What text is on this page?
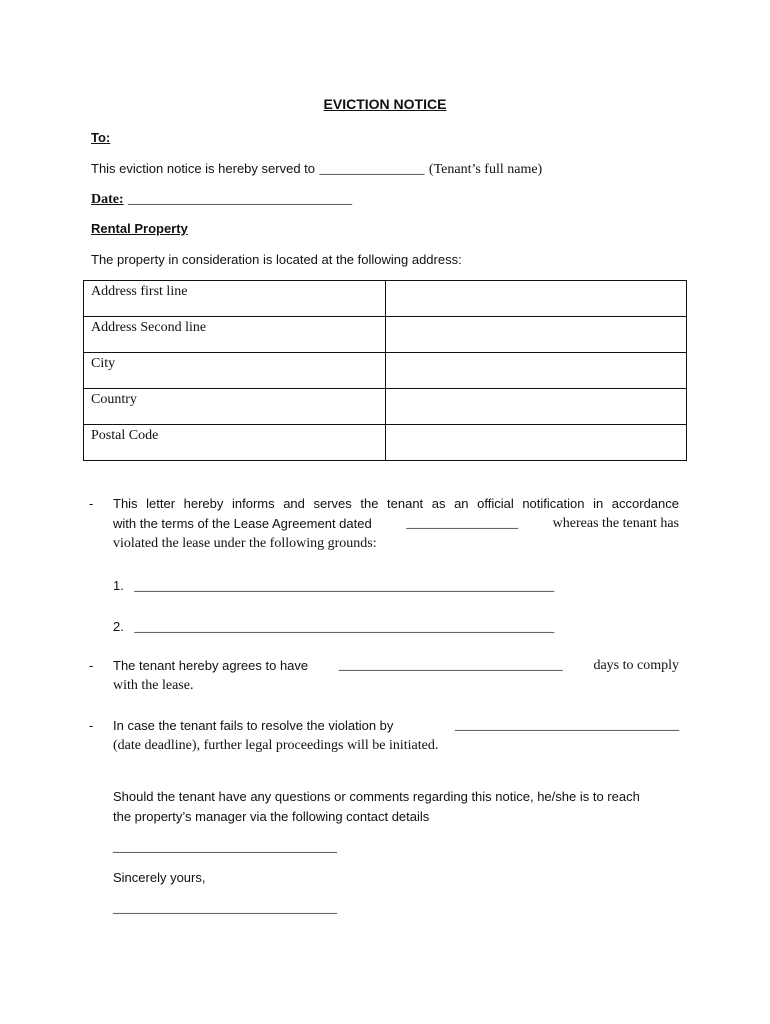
EVICTION NOTICE
To:
This eviction notice is hereby served to _______________ (Tenant’s full name)
Date: ________________________________
Rental Property
The property in consideration is located at the following address:
Address first line	
Address Second line	
City	
Country	
Postal Code	
- This letter hereby informs and serves the tenant as an official notification in accordance
with the terms of the Lease Agreement dated ________________ whereas the tenant has
violated the lease under the following grounds:
1. ____________________________________________________________
2. ____________________________________________________________
- The tenant hereby agrees to have ________________________________ days to comply
with the lease.
- In case the tenant fails to resolve the violation by	________________________________
(date deadline), further legal proceedings will be initiated.
Should the tenant have any questions or comments regarding this notice, he/she is to reach
the property’s manager via the following contact details
________________________________
Sincerely yours,
________________________________
